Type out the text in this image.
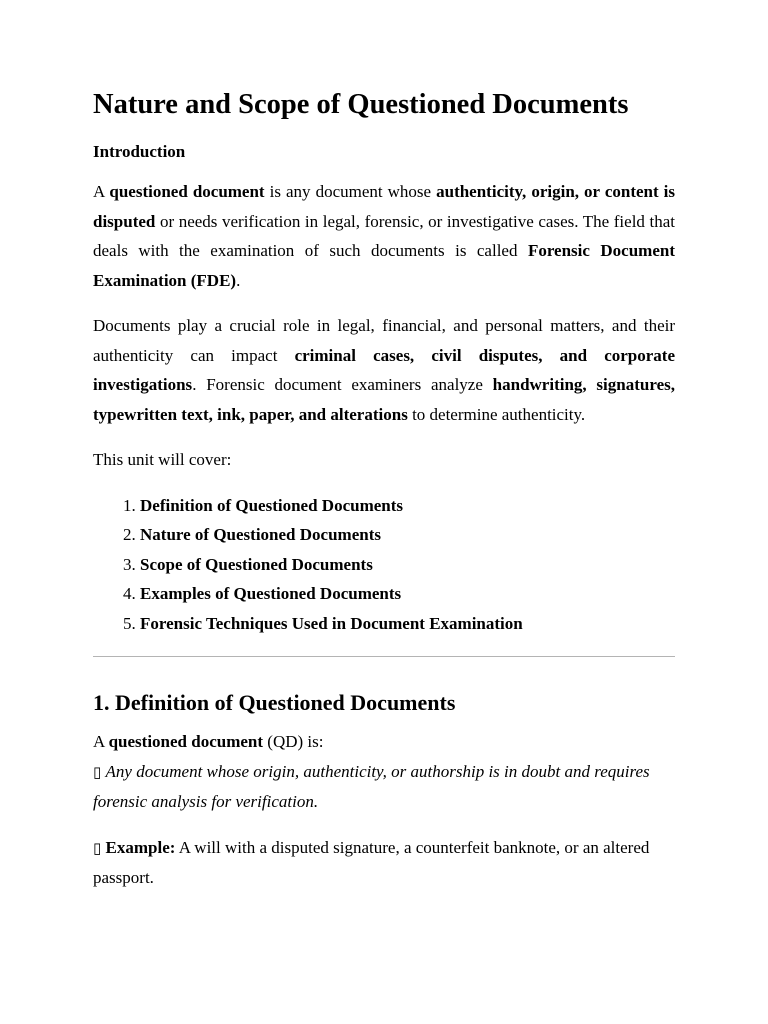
Nature and Scope of Questioned Documents
Introduction

A questioned document is any document whose authenticity, origin, or content is disputed or needs verification in legal, forensic, or investigative cases. The field that deals with the examination of such documents is called Forensic Document Examination (FDE).

Documents play a crucial role in legal, financial, and personal matters, and their authenticity can impact criminal cases, civil disputes, and corporate investigations. Forensic document examiners analyze handwriting, signatures, typewritten text, ink, paper, and alterations to determine authenticity.

This unit will cover:

1. Definition of Questioned Documents
2. Nature of Questioned Documents
3. Scope of Questioned Documents
4. Examples of Questioned Documents
5. Forensic Techniques Used in Document Examination
1. Definition of Questioned Documents

A questioned document (QD) is:
▯ Any document whose origin, authenticity, or authorship is in doubt and requires forensic analysis for verification.

▯ Example: A will with a disputed signature, a counterfeit banknote, or an altered passport.
